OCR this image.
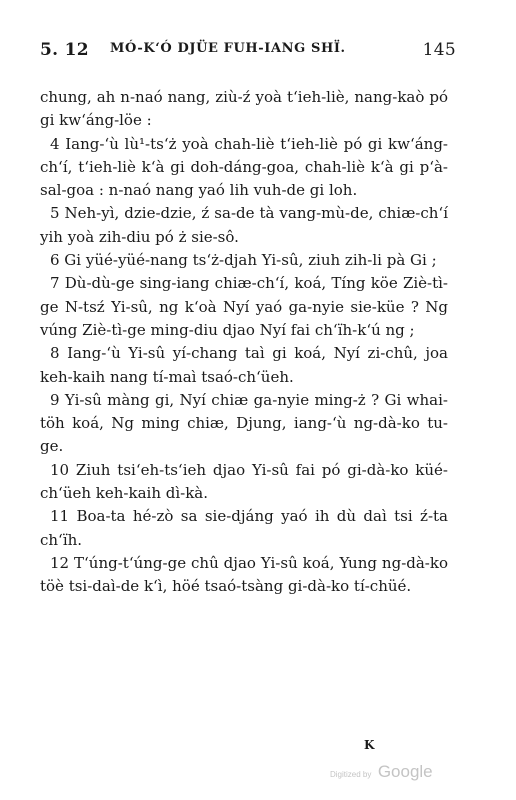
5. 12 MÓ-K‘Ó DJÜE FUH-IANG SHÏ.	145

chung, ah n-naó nang, ziù-ź yoà t‘ieh-liè, nang-kaò pó gi kw‘áng-löe :

4 Iang-‘ù lù¹-ts‘ż yoà chah-liè t‘ieh-liè pó gi kw‘áng-ch‘í, t‘ieh-liè k‘à gi doh-dáng-goa, chah-liè k‘à gi p‘à-sal-goa : n-naó nang yaó lih vuh-de gi loh.

5 Neh-yì, dzie-dzie, ź sa-de tà vang-mù-de, chiæ-ch‘í yih yoà zih-diu pó ż sie-sô.

6 Gi yüé-yüé-nang ts‘ż-djah Yi-sû, ziuh zih-li pà Gi ;

7 Dù-dù-ge sing-iang chiæ-ch‘í, koá, Tíng köe Ziè-tì-ge N-tsź Yi-sû, ng k‘oà Nyí yaó ga-nyie sie-küe ? Ng vúng Ziè-tì-ge ming-diu djao Nyí fai ch‘ïh-k‘ú ng ;

8 Iang-‘ù Yi-sû yí-chang taì gi koá, Nyí zi-chû, joa keh-kaih nang tí-maì tsaó-ch‘üeh.

9 Yi-sû màng gi, Nyí chiæ ga-nyie ming-ż ? Gi whai-töh koá, Ng ming chiæ, Djung, iang-‘ù ng-dà-ko tu-ge.

10 Ziuh tsi‘eh-ts‘ieh djao Yi-sû fai pó gi-dà-ko küé-ch‘üeh keh-kaih dì-kà.

11 Boa-ta hé-zò sa sie-djáng yaó ih dù daì tsi ź-ta ch‘ïh.

12 T‘úng-t‘úng-ge chû djao Yi-sû koá, Yung ng-dà-ko töè tsi-daì-de k‘ì, höé tsaó-tsàng gi-dà-ko tí-chüé.

K
Digitized by Google
